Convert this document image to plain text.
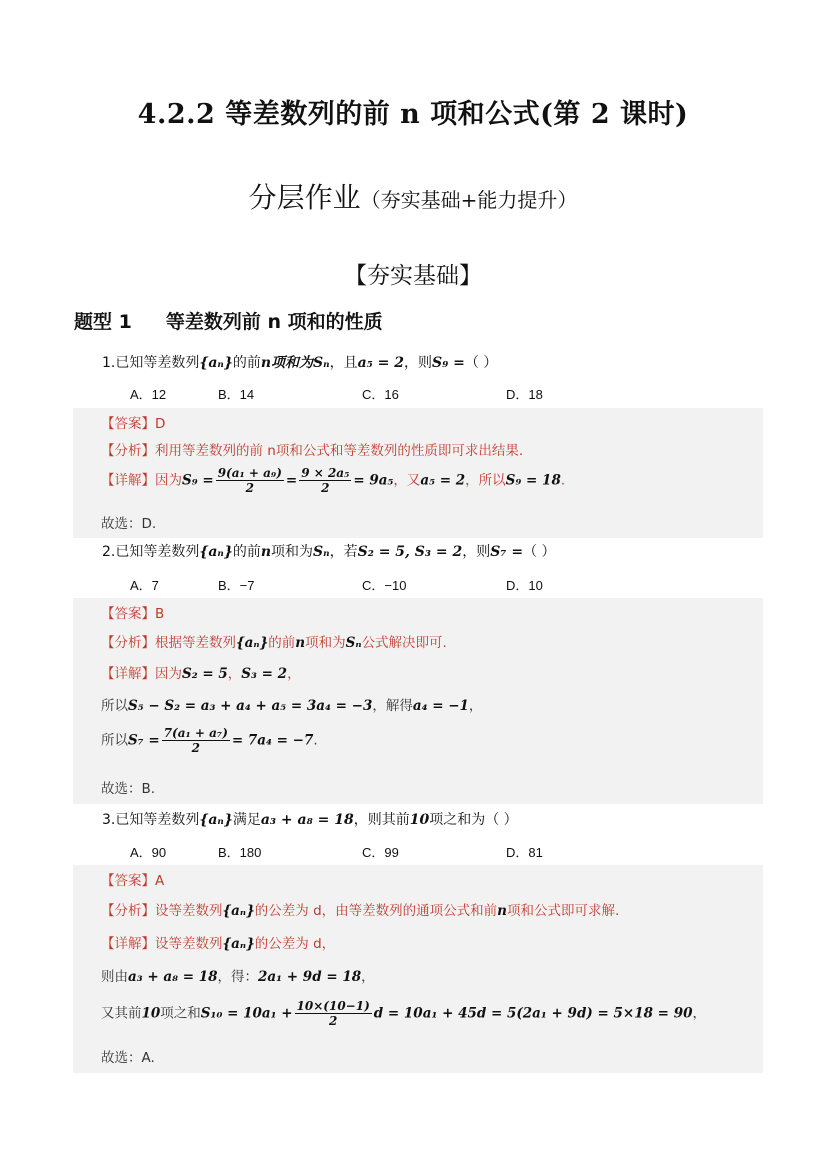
4.2.2 等差数列的前 n 项和公式(第 2 课时)
分层作业（夯实基础+能力提升）
【夯实基础】
题型 1 等差数列前 n 项和的性质
1.已知等差数列{aₙ}的前n项和为Sₙ，且a₅ = 2，则S₉ =（ ）
A．12	B．14	C．16	D．18
【答案】D
【分析】利用等差数列的前 n项和公式和等差数列的性质即可求出结果.
【详解】因为$S_9 = \frac{\text{9(a₁ + a₉)}}{2} = \frac{\text{9 × 2a₅}}{2} = 9a_5$，又a₅ = 2，所以S₉ = 18.
故选：D.
2.已知等差数列{aₙ}的前n项和为Sₙ，若S₂ = 5, S₃ = 2，则S₇ =（ ）
A．7	B．−7	C．−10	D．10
【答案】B
【分析】根据等差数列{aₙ}的前n项和为Sₙ公式解决即可.
【详解】因为S₂ = 5，S₃ = 2，
所以S₅ − S₂ = a₃ + a₄ + a₅ = 3a₄ = −3，解得a₄ = −1，
所以$S_7 = \frac{\text{7(a₁ + a₇)}}{2} = 7a_4 = -7$.
故选：B.
3.已知等差数列{aₙ}满足a₃ + a₈ = 18，则其前10项之和为（ ）
A．90	B．180	C．99	D．81
【答案】A
【分析】设等差数列{aₙ}的公差为 d，由等差数列的通项公式和前n项和公式即可求解.
【详解】设等差数列{aₙ}的公差为 d，
则由a₃ + a₈ = 18，得：2a₁ + 9d = 18，
又其前10项之和$S_{10} = 10a_1 + \frac{10\times(10-1)}{2}$ d = 10a₁ + 45d = 5(2a₁ + 9d) = 5×18 = 90，
故选：A.
